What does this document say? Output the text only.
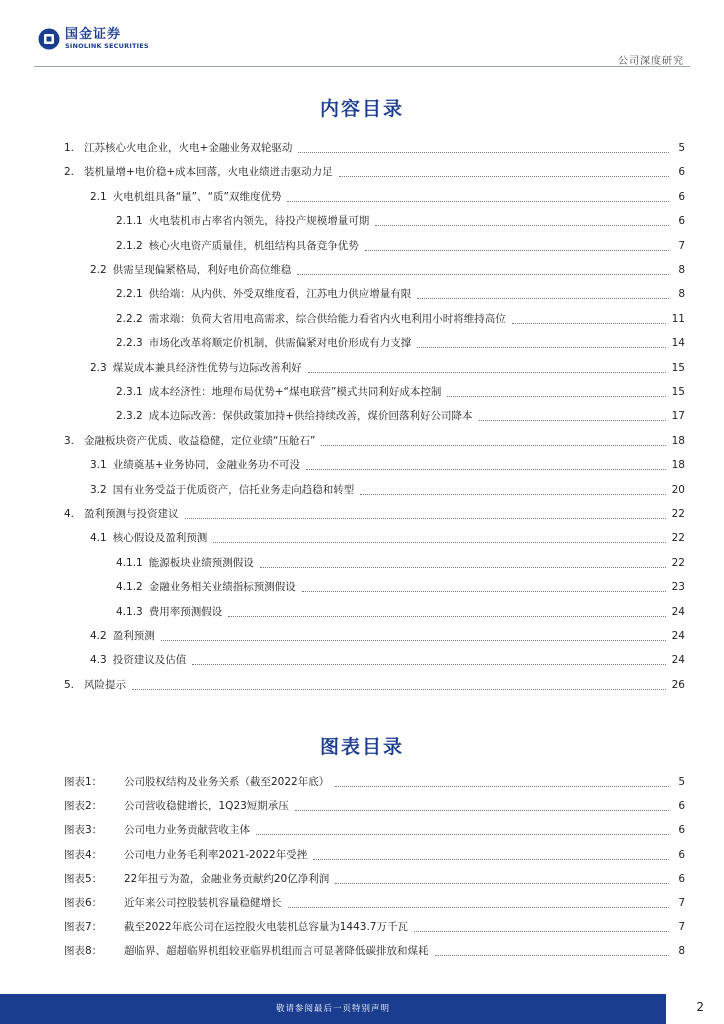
国金证券
SINOLINK SECURITIES
公司深度研究
内容目录
1. 江苏核心火电企业，火电+金融业务双轮驱动	5
2. 装机量增+电价稳+成本回落，火电业绩迸击驱动力足	6
2.1 火电机组具备“量”、“质”双维度优势	6
2.1.1 火电装机市占率省内领先，待投产规模增量可期	6
2.1.2 核心火电资产质量佳，机组结构具备竞争优势	7
2.2 供需呈现偏紧格局，利好电价高位维稳	8
2.2.1 供给端：从内供、外受双维度看，江苏电力供应增量有限	8
2.2.2 需求端：负荷大省用电高需求，综合供给能力看省内火电利用小时将维持高位	11
2.2.3 市场化改革将顺定价机制，供需偏紧对电价形成有力支撑	14
2.3 煤炭成本兼具经济性优势与边际改善利好	15
2.3.1 成本经济性：地理布局优势+“煤电联营”模式共同利好成本控制	15
2.3.2 成本边际改善：保供政策加持+供给持续改善，煤价回落利好公司降本	17
3. 金融板块资产优质、收益稳健，定位业绩“压舱石”	18
3.1 业绩奠基+业务协同，金融业务功不可没	18
3.2 国有业务受益于优质资产，信托业务走向趋稳和转型	20
4. 盈利预测与投资建议	22
4.1 核心假设及盈利预测	22
4.1.1 能源板块业绩预测假设	22
4.1.2 金融业务相关业绩指标预测假设	23
4.1.3 费用率预测假设	24
4.2 盈利预测	24
4.3 投资建议及估值	24
5. 风险提示	26
图表目录
图表1：	公司股权结构及业务关系（截至2022年底）	5
图表2：	公司营收稳健增长，1Q23短期承压	6
图表3：	公司电力业务贡献营收主体	6
图表4：	公司电力业务毛利率2021-2022年受挫	6
图表5：	22年扭亏为盈，金融业务贡献约20亿净利润	6
图表6：	近年来公司控股装机容量稳健增长	7
图表7：	截至2022年底公司在运控股火电装机总容量为1443.7万千瓦	7
图表8：	超临界、超超临界机组较亚临界机组而言可显著降低碳排放和煤耗	8
敬请参阅最后一页特别声明	2
